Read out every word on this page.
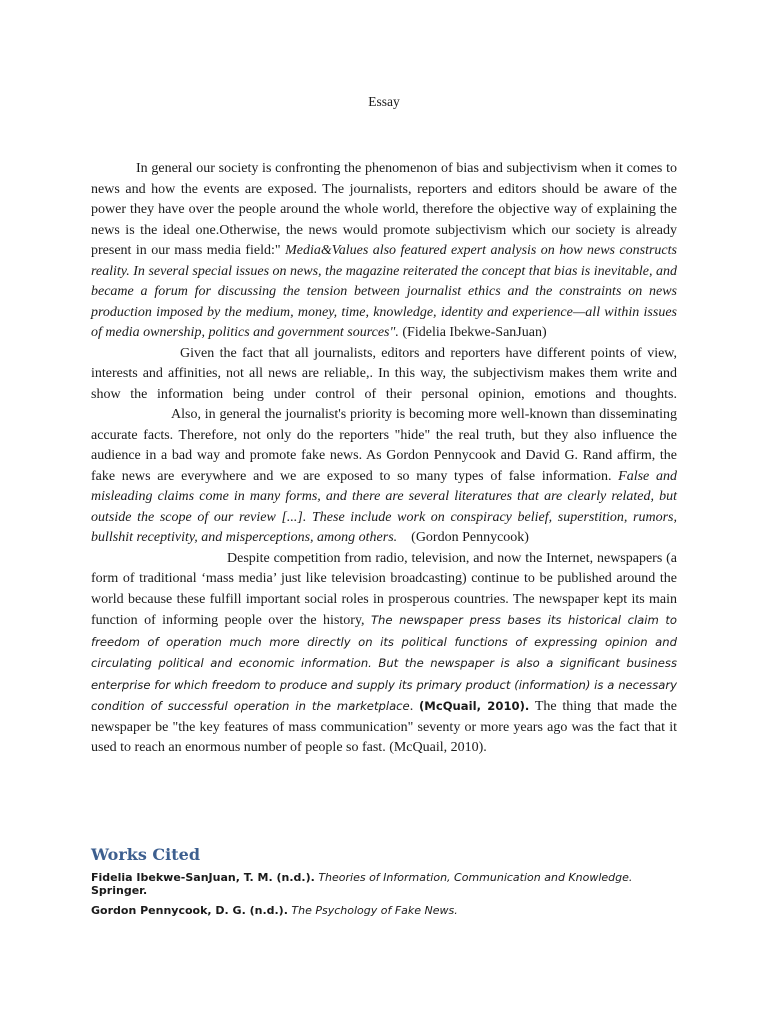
Essay

In general our society is confronting the phenomenon of bias and subjectivism when it comes to news and how the events are exposed. The journalists, reporters and editors should be aware of the power they have over the people around the whole world, therefore the objective way of explaining the news is the ideal one.Otherwise, the news would promote subjectivism which our society is already present in our mass media field:" Media&Values also featured expert analysis on how news constructs reality. In several special issues on news, the magazine reiterated the concept that bias is inevitable, and became a forum for discussing the tension between journalist ethics and the constraints on news production imposed by the medium, money, time, knowledge, identity and experience—all within issues of media ownership, politics and government sources". (Fidelia Ibekwe-SanJuan)

Given the fact that all journalists, editors and reporters have different points of view, interests and affinities, not all news are reliable,. In this way, the subjectivism makes them write and show the information being under control of their personal opinion, emotions and thoughts.Also, in general the journalist's priority is becoming more well-known than disseminating accurate facts. Therefore, not only do the reporters "hide" the real truth, but they also influence the audience in a bad way and promote fake news. As Gordon Pennycook and David G. Rand affirm, the fake news are everywhere and we are exposed to so many types of false information. False and misleading claims come in many forms, and there are several literatures that are clearly related, but outside the scope of our review [...]. These include work on conspiracy belief, superstition, rumors, bullshit receptivity, and misperceptions, among others. (Gordon Pennycook)

Despite competition from radio, television, and now the Internet, newspapers (a form of traditional ‘mass media’ just like television broadcasting) continue to be published around the world because these fulfill important social roles in prosperous countries. The newspaper kept its main function of informing people over the history, The newspaper press bases its historical claim to freedom of operation much more directly on its political functions of expressing opinion and circulating political and economic information. But the newspaper is also a significant business enterprise for which freedom to produce and supply its primary product (information) is a necessary condition of successful operation in the marketplace. (McQuail, 2010). The thing that made the newspaper be "the key features of mass communication" seventy or more years ago was the fact that it used to reach an enormous number of people so fast. (McQuail, 2010).

Works Cited
Fidelia Ibekwe-SanJuan, T. M. (n.d.). Theories of Information, Communication and Knowledge. Springer.
Gordon Pennycook, D. G. (n.d.). The Psychology of Fake News.
